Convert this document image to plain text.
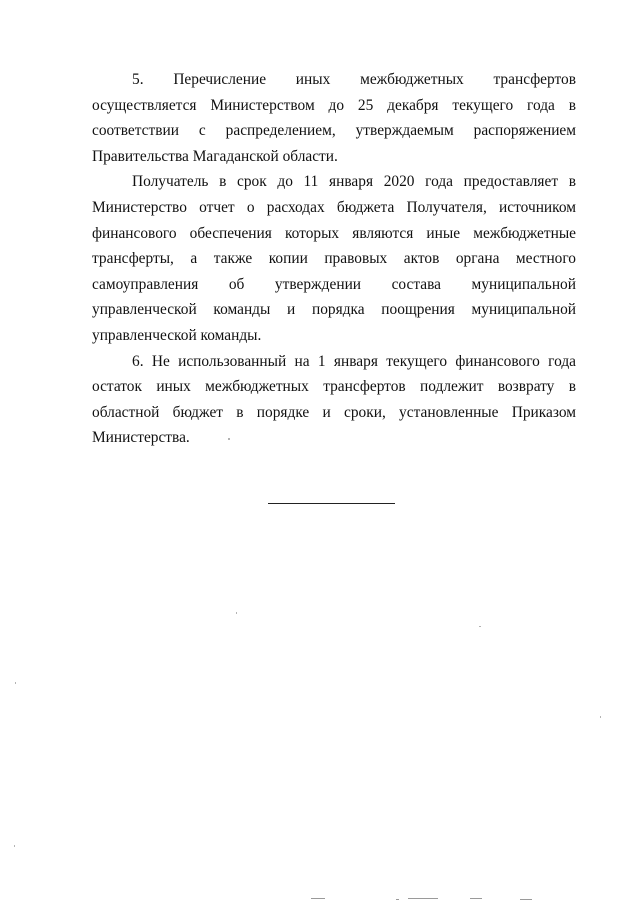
5. Перечисление иных межбюджетных трансфертов осуществляется Министерством до 25 декабря текущего года в соответствии с распределением, утверждаемым распоряжением Правительства Магаданской области.

Получатель в срок до 11 января 2020 года предоставляет в Министерство отчет о расходах бюджета Получателя, источником финансового обеспечения которых являются иные межбюджетные трансферты, а также копии правовых актов органа местного самоуправления об утверждении состава муниципальной управленческой команды и порядка поощрения муниципальной управленческой команды.

6. Не использованный на 1 января текущего финансового года остаток иных межбюджетных трансфертов подлежит возврату в областной бюджет в порядке и сроки, установленные Приказом Министерства.
